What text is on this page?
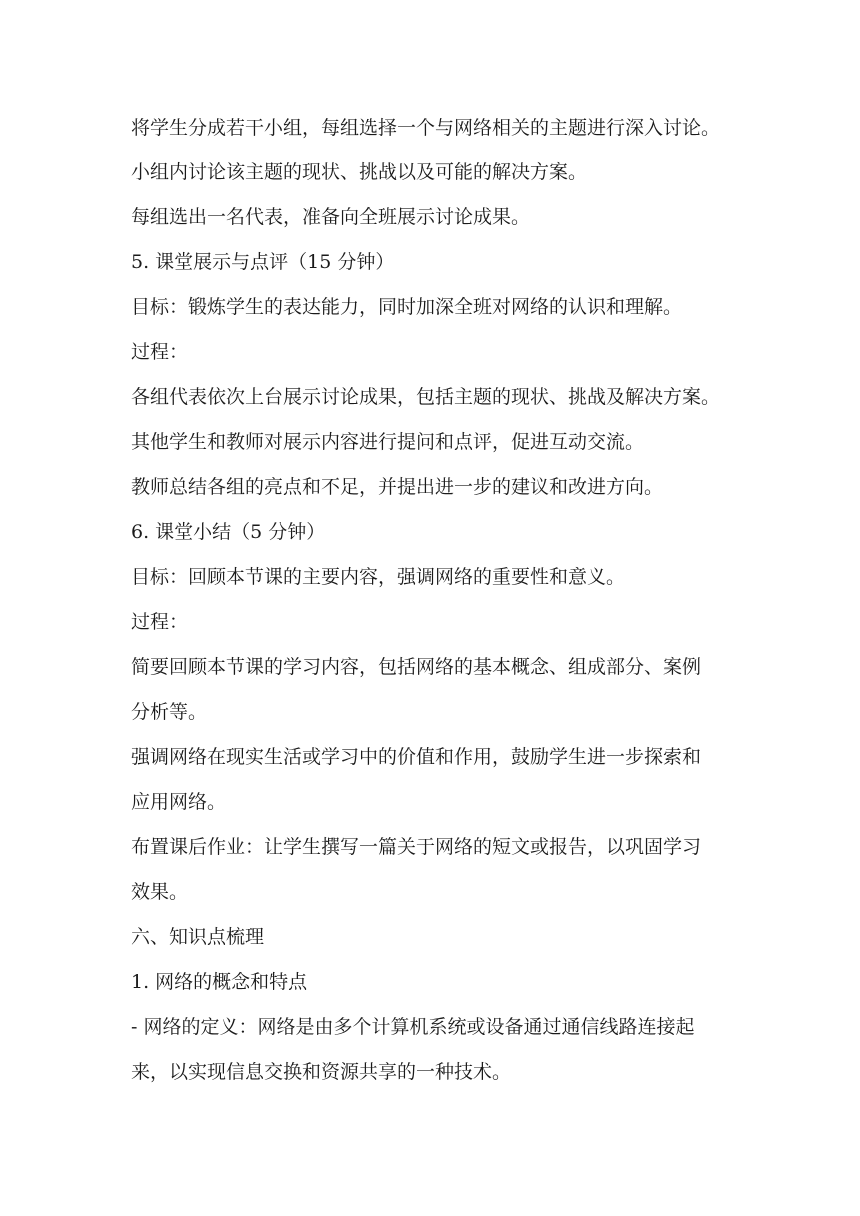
将学生分成若干小组，每组选择一个与网络相关的主题进行深入讨论。
小组内讨论该主题的现状、挑战以及可能的解决方案。
每组选出一名代表，准备向全班展示讨论成果。
5. 课堂展示与点评（15 分钟）
目标：锻炼学生的表达能力，同时加深全班对网络的认识和理解。
过程：
各组代表依次上台展示讨论成果，包括主题的现状、挑战及解决方案。
其他学生和教师对展示内容进行提问和点评，促进互动交流。
教师总结各组的亮点和不足，并提出进一步的建议和改进方向。
6. 课堂小结（5 分钟）
目标：回顾本节课的主要内容，强调网络的重要性和意义。
过程：
简要回顾本节课的学习内容，包括网络的基本概念、组成部分、案例
分析等。
强调网络在现实生活或学习中的价值和作用，鼓励学生进一步探索和
应用网络。
布置课后作业：让学生撰写一篇关于网络的短文或报告，以巩固学习
效果。
六、知识点梳理
1. 网络的概念和特点
- 网络的定义：网络是由多个计算机系统或设备通过通信线路连接起
来，以实现信息交换和资源共享的一种技术。
